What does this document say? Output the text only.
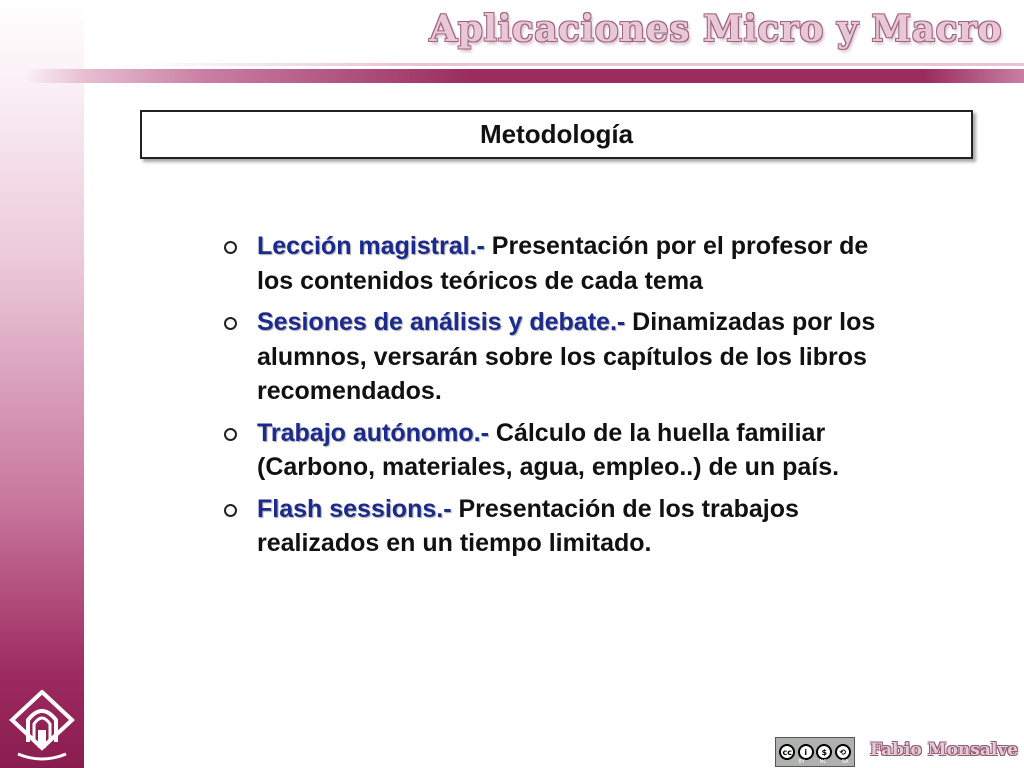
Aplicaciones Micro y Macro
Metodología
Lección magistral.- Presentación por el profesor de los contenidos teóricos de cada tema
Sesiones de análisis y debate.- Dinamizadas por los alumnos, versarán sobre los capítulos de los libros recomendados.
Trabajo autónomo.- Cálculo de la huella familiar (Carbono, materiales, agua, empleo..) de un país.
Flash sessions.- Presentación de los trabajos realizados en un tiempo limitado.
cc	i	$	⟲
BY	NC	SA
Fabio Monsalve
